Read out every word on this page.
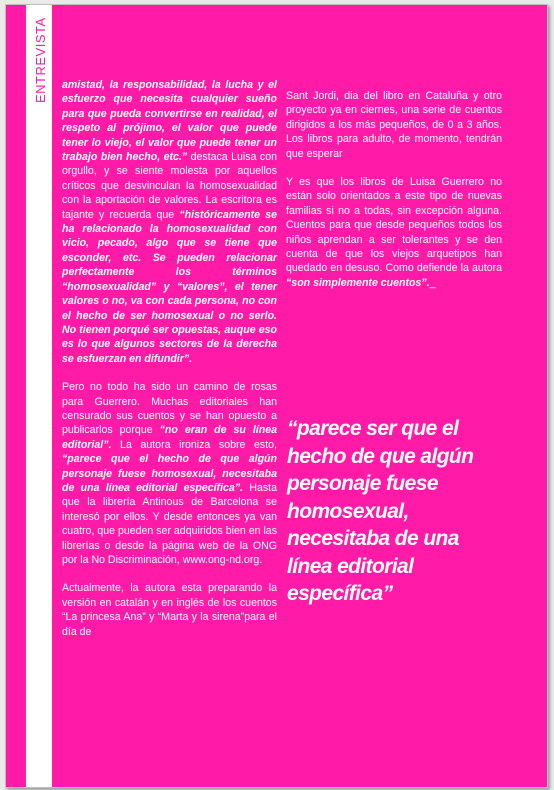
ENTREVISTA amistad, la responsabilidad, la lucha y el esfuerzo que necesita cualquier sueño para que pueda convertirse en realidad, el respeto al prójimo, el valor que puede tener lo viejo, el valor que puede tener un trabajo bien hecho, etc.” destaca Luisa con orgullo, y se siente molesta por aquellos críticos que desvinculan la homosexualidad con la aportación de valores. La escritora es tajante y recuerda que “históricamente se ha relacionado la homosexualidad con vicio, pecado, algo que se tiene que esconder, etc. Se pueden relacionar perfectamente los términos “homosexualidad” y “valores”, el tener valores o no, va con cada persona, no con el hecho de ser homosexual o no serlo. No tienen porqué ser opuestas, auque eso es lo que algunos sectores de la derecha se esfuerzan en difundir”.

Pero no todo ha sido un camino de rosas para Guerrero. Muchas editoriales han censurado sus cuentos y se han opuesto a publicarlos porque “no eran de su línea editorial”. La autora ironiza sobre esto, “parece que el hecho de que algún personaje fuese homosexual, necesitaba de una línea editorial específica”. Hasta que la librería Antinous de Barcelona se interesó por ellos. Y desde entonces ya van cuatro, que pueden ser adquiridos bien en las librerías o desde la página web de la ONG por la No Discriminación, www.ong-nd.org.

Actualmente, la autora esta preparando la versión en catalán y en inglés de los cuentos “La princesa Ana” y “Marta y la sirena”para el día de

Sant Jordi, dia del libro en Cataluña y otro proyecto ya en ciernes, una serie de cuentos dirigidos a los más pequeños, de 0 a 3 años. Los libros para adulto, de momento, tendrán que esperar

Y es que los libros de Luisa Guerrero no están solo orientados a este tipo de nuevas familias si no a todas, sin excepción alguna. Cuentos para que desde pequeños todos los niños aprendan a ser tolerantes y se den cuenta de que los viejos arquetipos han quedado en desuso. Como defiende la autora “son simplemente cuentos”._

“parece ser que el hecho de que algún personaje fuese homosexual, necesitaba de una línea editorial específica”
